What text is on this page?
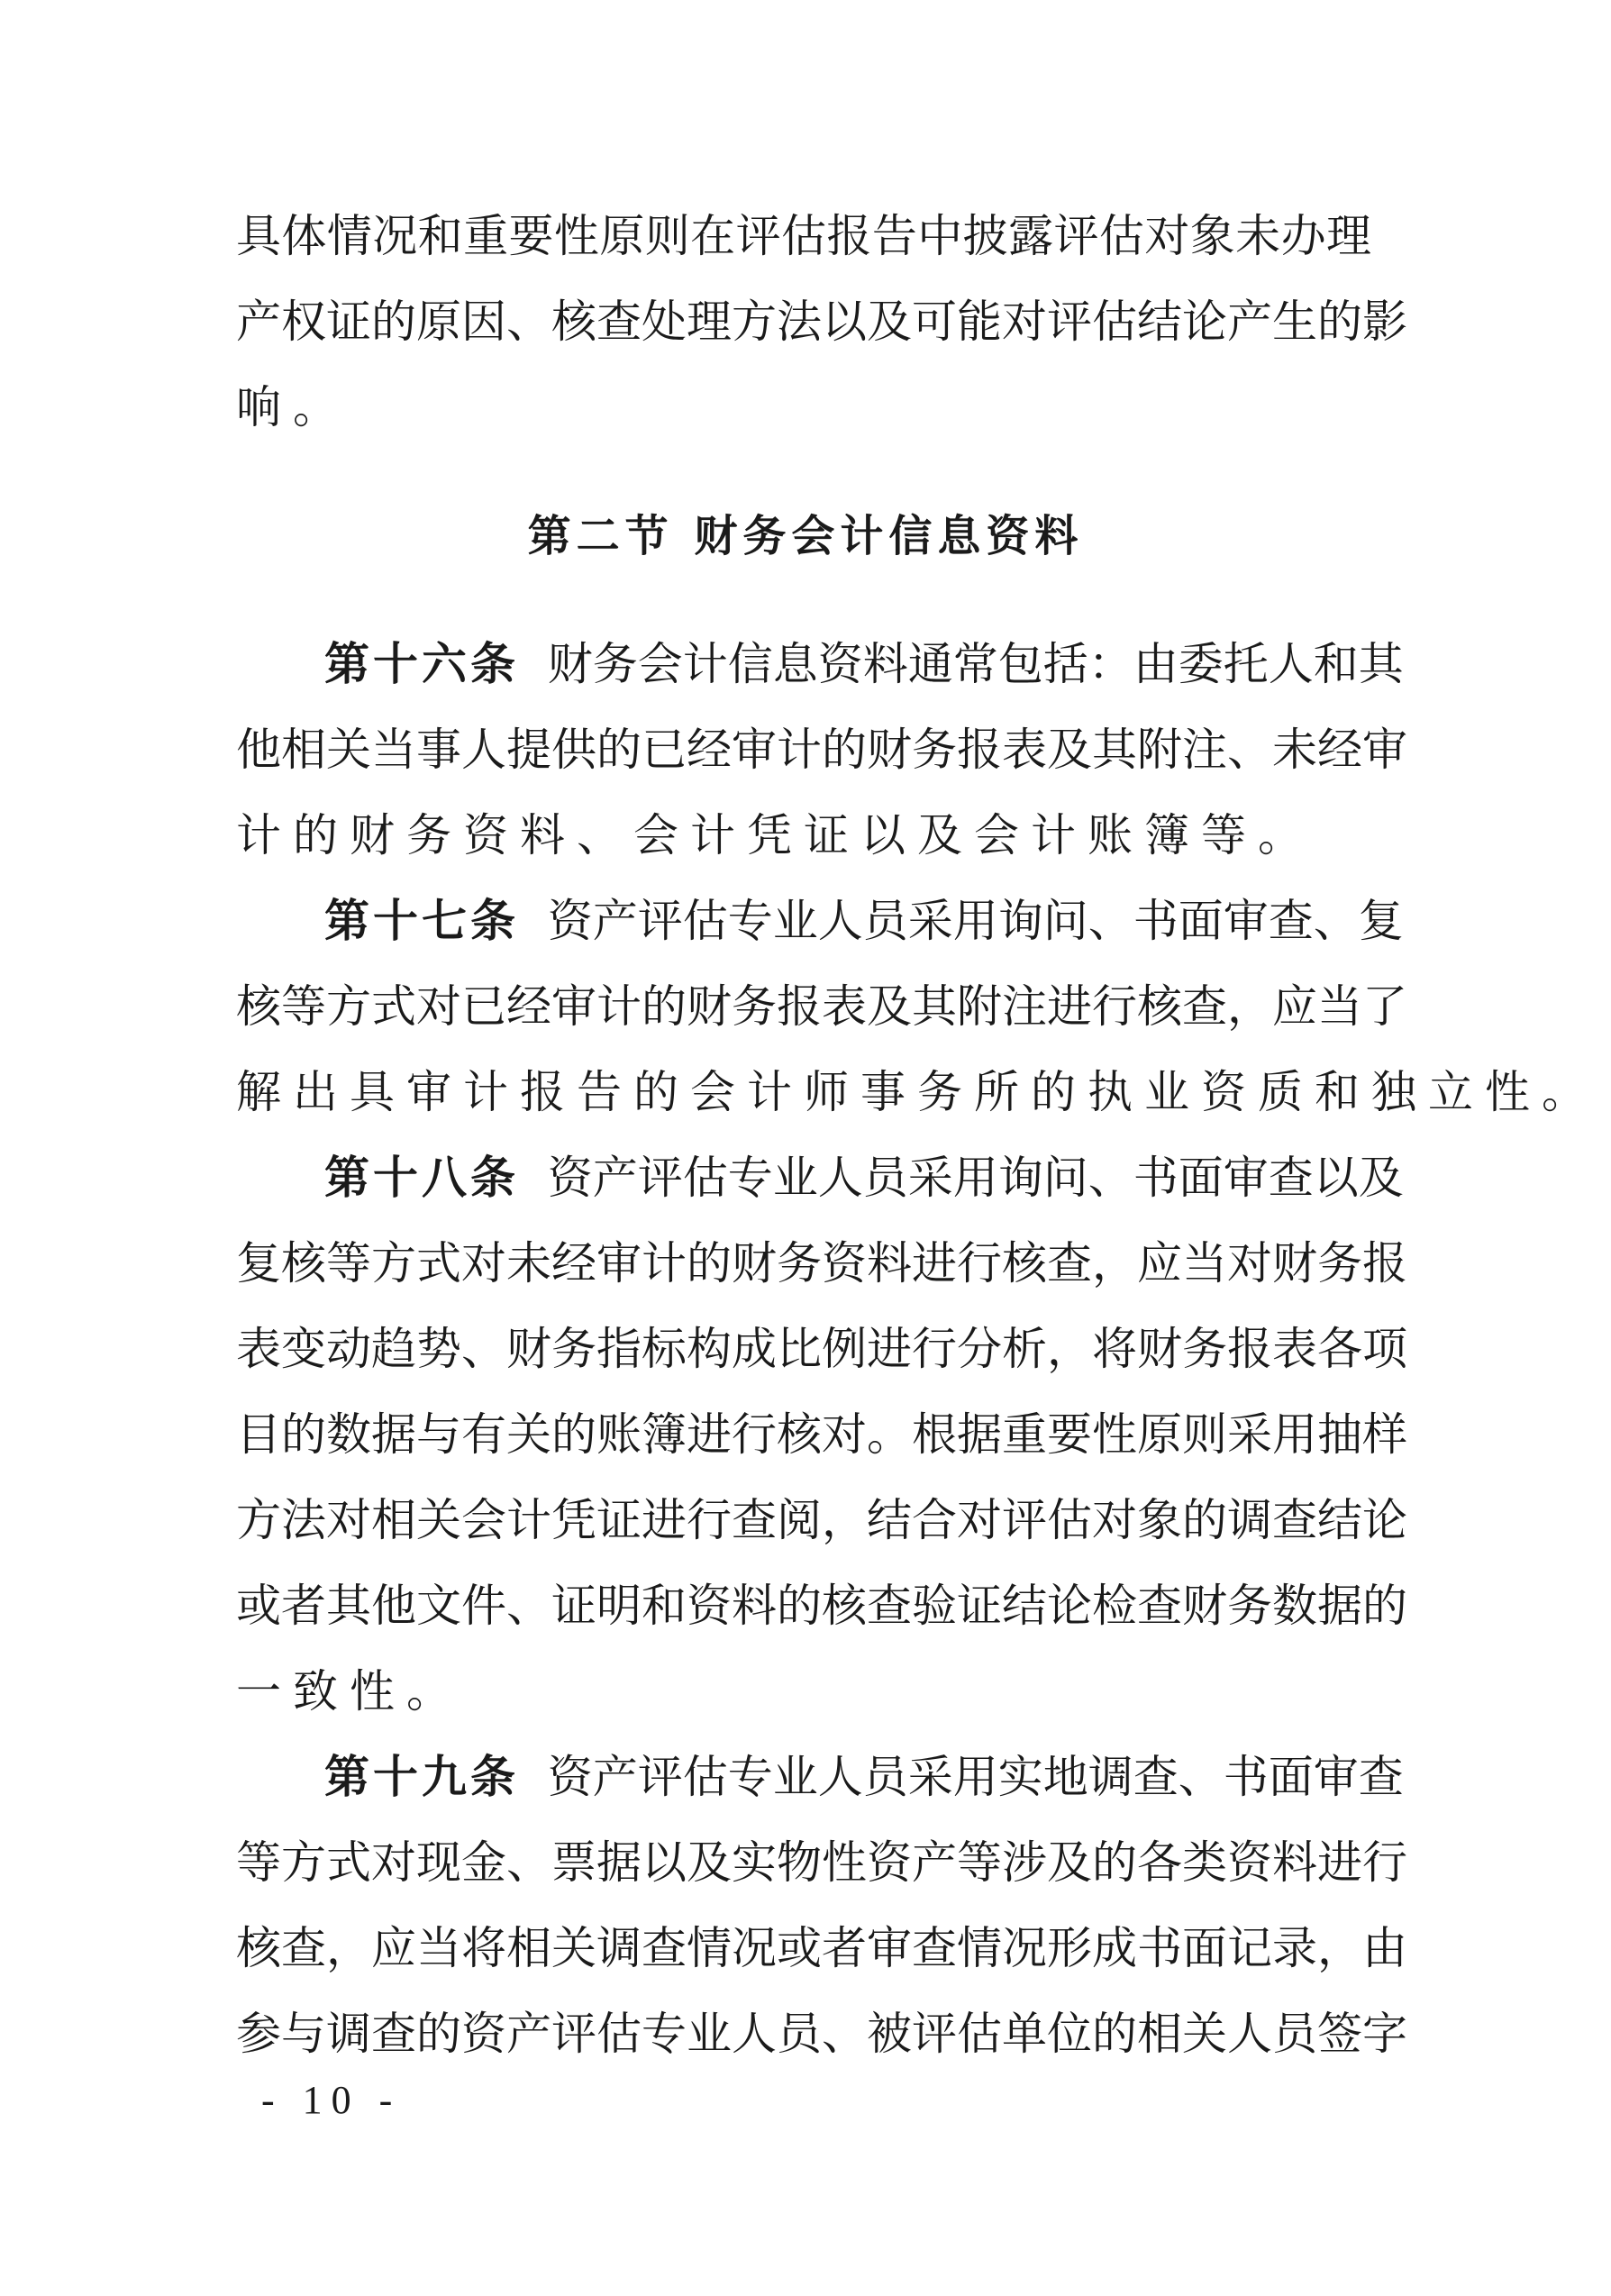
具体情况和重要性原则在评估报告中披露评估对象未办理
产权证的原因、核查处理方法以及可能对评估结论产生的影
响。
第二节 财务会计信息资料
第十六条 财务会计信息资料通常包括：由委托人和其
他相关当事人提供的已经审计的财务报表及其附注、未经审
计的财务资料、会计凭证以及会计账簿等。
第十七条 资产评估专业人员采用询问、书面审查、复
核等方式对已经审计的财务报表及其附注进行核查，应当了
解出具审计报告的会计师事务所的执业资质和独立性。
第十八条 资产评估专业人员采用询问、书面审查以及
复核等方式对未经审计的财务资料进行核查，应当对财务报
表变动趋势、财务指标构成比例进行分析，将财务报表各项
目的数据与有关的账簿进行核对。根据重要性原则采用抽样
方法对相关会计凭证进行查阅，结合对评估对象的调查结论
或者其他文件、证明和资料的核查验证结论检查财务数据的
一致性。
第十九条 资产评估专业人员采用实地调查、书面审查
等方式对现金、票据以及实物性资产等涉及的各类资料进行
核查，应当将相关调查情况或者审查情况形成书面记录，由
参与调查的资产评估专业人员、被评估单位的相关人员签字
- 10 -
